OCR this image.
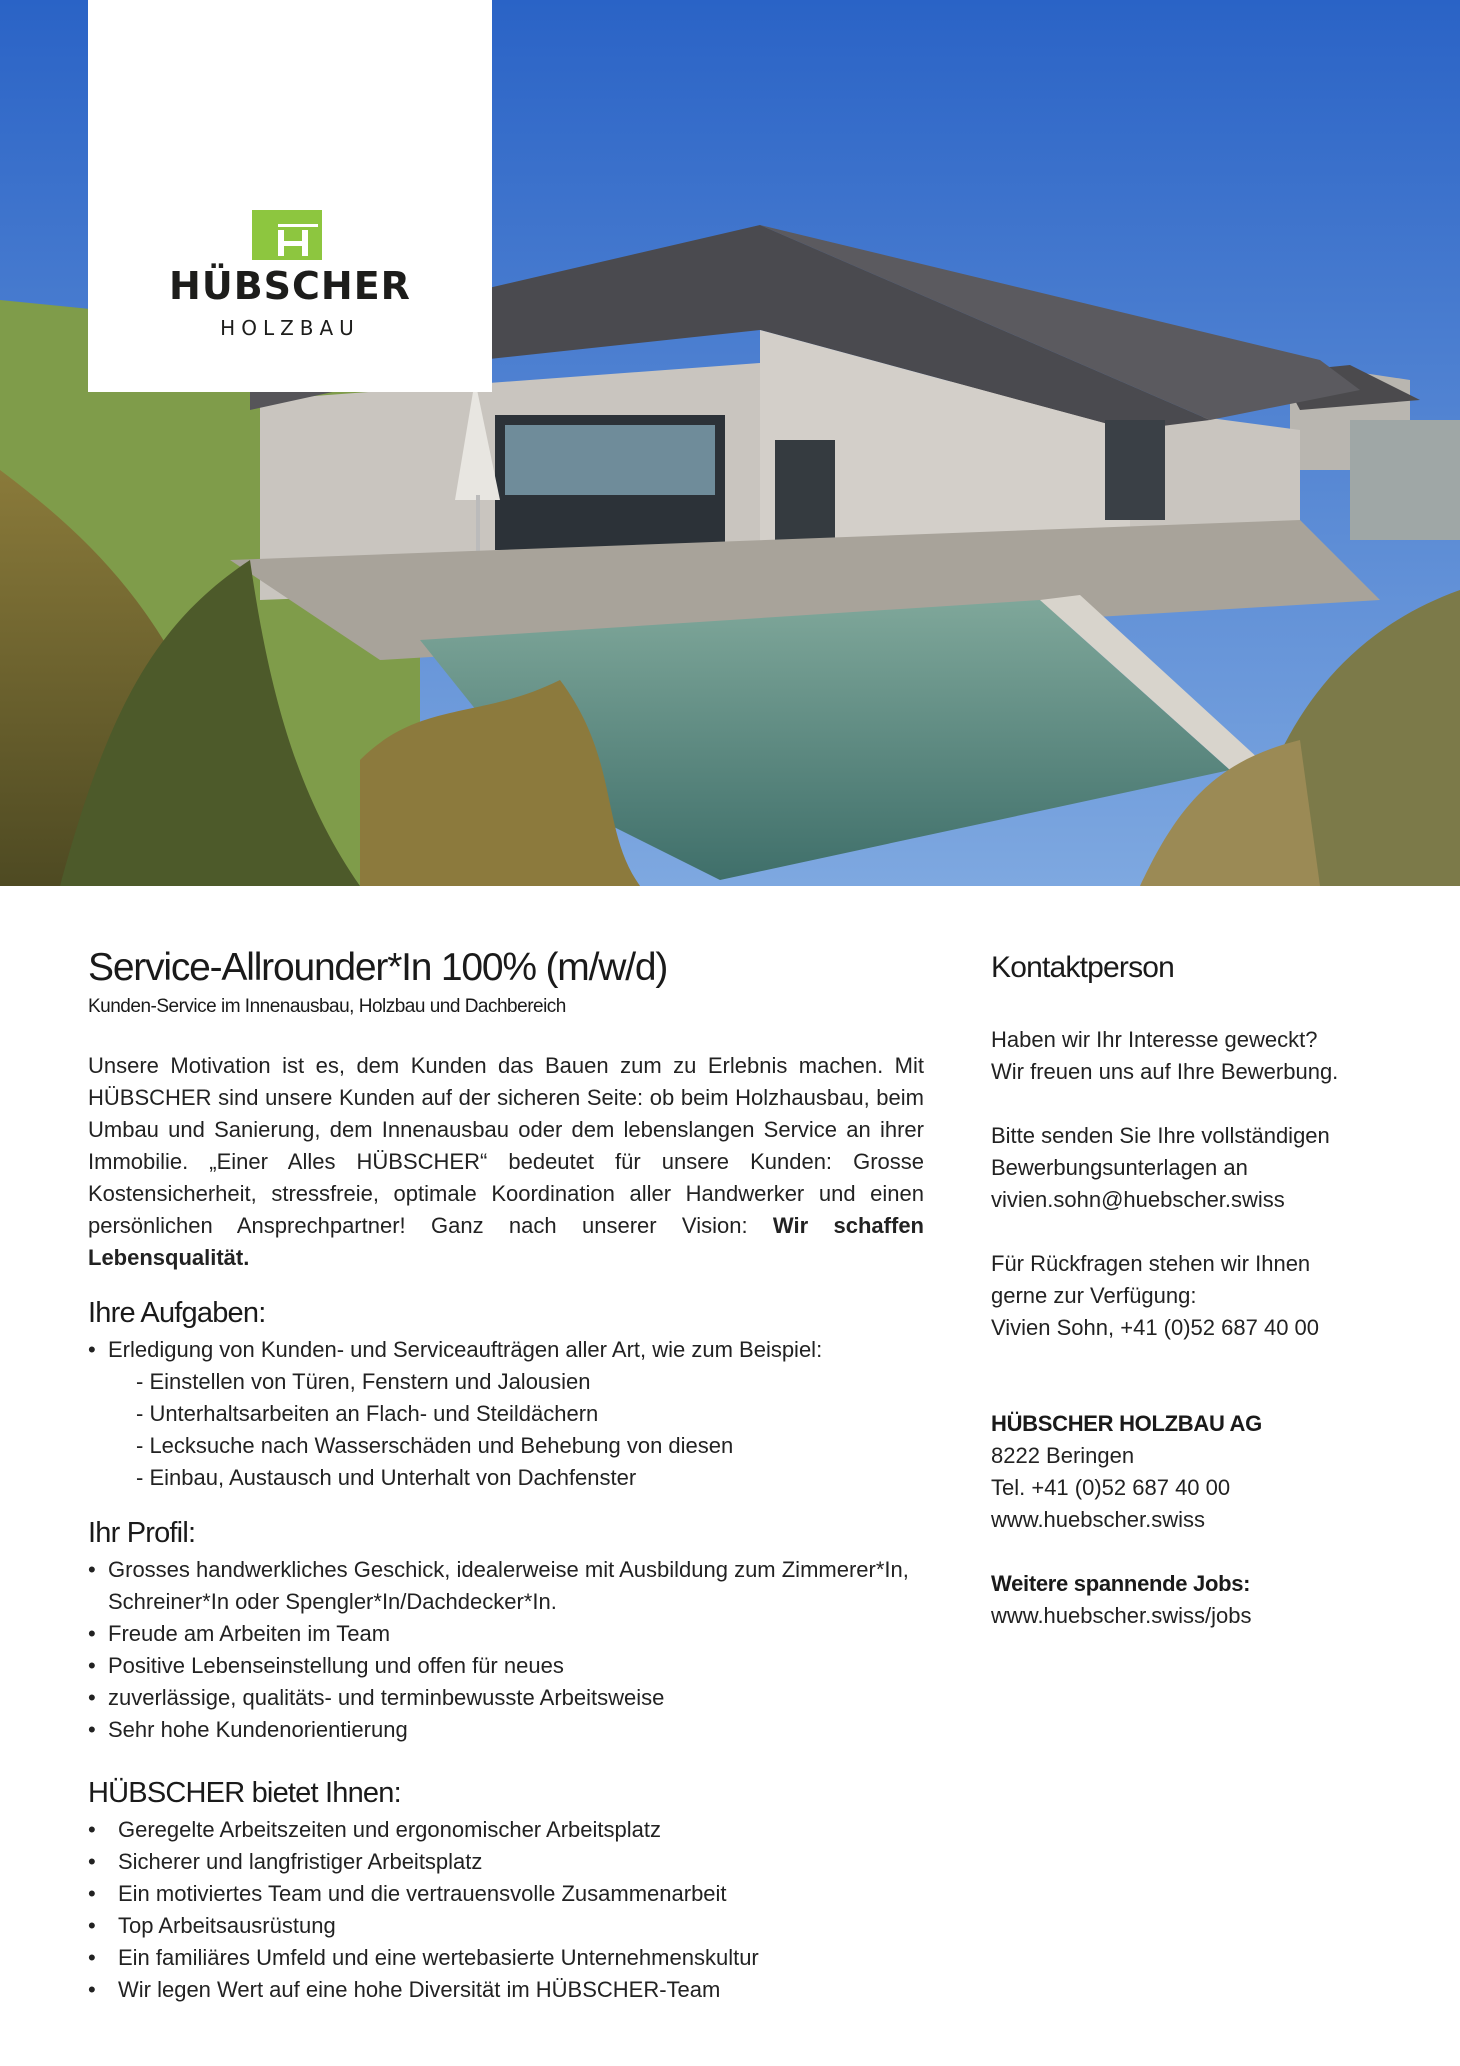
HÜBSCHER
HOLZBAU
Service-Allrounder*In 100% (m/w/d)
Kunden-Service im Innenausbau, Holzbau und Dachbereich
Unsere Motivation ist es, dem Kunden das Bauen zum zu Erlebnis machen. Mit HÜBSCHER sind unsere Kunden auf der sicheren Seite: ob beim Holzhausbau, beim Umbau und Sanierung, dem Innenausbau oder dem lebenslangen Service an ihrer Immobilie. „Einer Alles HÜBSCHER“ bedeutet für unsere Kunden: Grosse Kostensicherheit, stressfreie, optimale Koordination aller Handwerker und einen persönlichen Ansprechpartner! Ganz nach unserer Vision: Wir schaffen Lebensqualität.
Ihre Aufgaben:
• Erledigung von Kunden- und Serviceaufträgen aller Art, wie zum Beispiel:
- Einstellen von Türen, Fenstern und Jalousien
- Unterhaltsarbeiten an Flach- und Steildächern
- Lecksuche nach Wasserschäden und Behebung von diesen
- Einbau, Austausch und Unterhalt von Dachfenster
Ihr Profil:
• Grosses handwerkliches Geschick, idealerweise mit Ausbildung zum Zimmerer*In, Schreiner*In oder Spengler*In/Dachdecker*In.
• Freude am Arbeiten im Team
• Positive Lebenseinstellung und offen für neues
• zuverlässige, qualitäts- und terminbewusste Arbeitsweise
• Sehr hohe Kundenorientierung
HÜBSCHER bietet Ihnen:
• Geregelte Arbeitszeiten und ergonomischer Arbeitsplatz
• Sicherer und langfristiger Arbeitsplatz
• Ein motiviertes Team und die vertrauensvolle Zusammenarbeit
• Top Arbeitsausrüstung
• Ein familiäres Umfeld und eine wertebasierte Unternehmenskultur
• Wir legen Wert auf eine hohe Diversität im HÜBSCHER-Team
Kontaktperson

Haben wir Ihr Interesse geweckt?

Wir freuen uns auf Ihre Bewerbung.

Bitte senden Sie Ihre vollständigen

Bewerbungsunterlagen an

vivien.sohn@huebscher.swiss

Für Rückfragen stehen wir Ihnen

gerne zur Verfügung:

Vivien Sohn, +41 (0)52 687 40 00

HÜBSCHER HOLZBAU AG

8222 Beringen

Tel. +41 (0)52 687 40 00

www.huebscher.swiss

Weitere spannende Jobs:

www.huebscher.swiss/jobs
